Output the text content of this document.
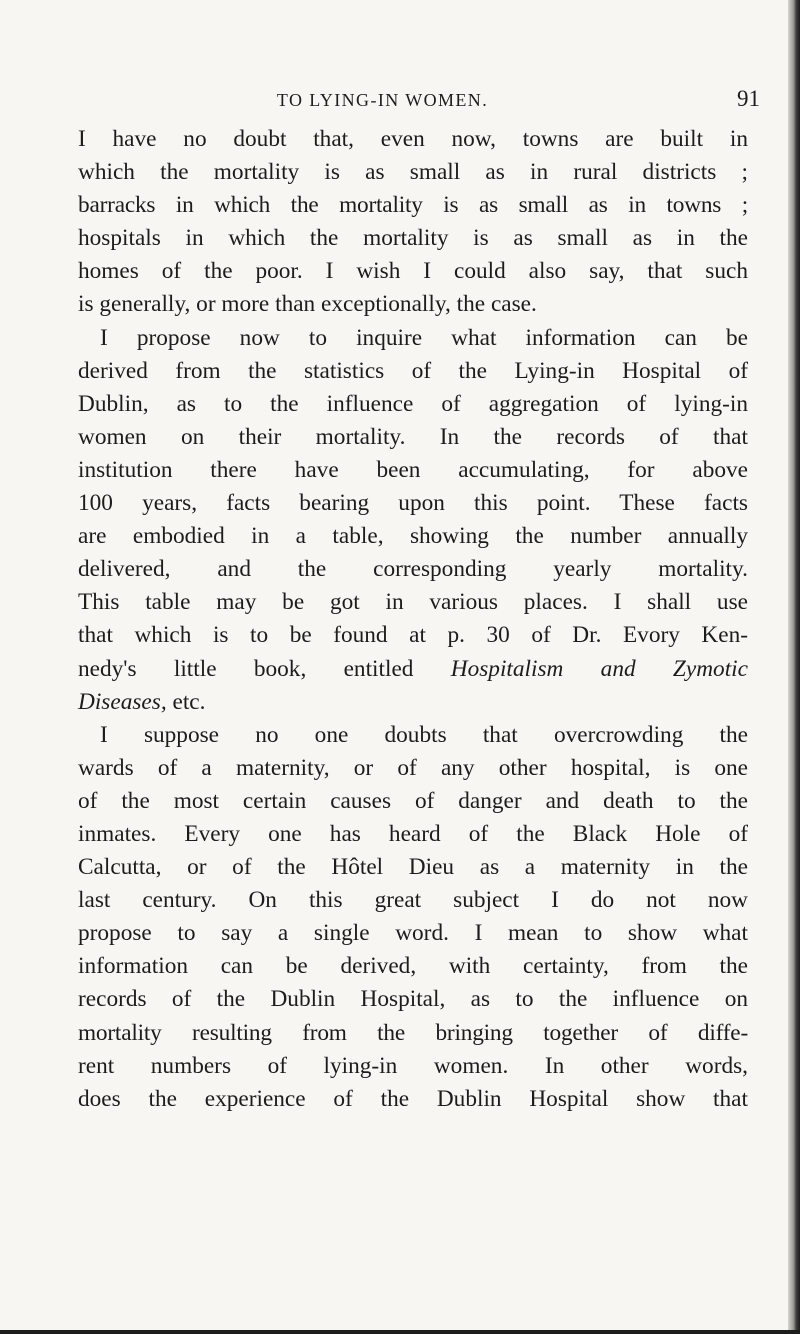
TO LYING-IN WOMEN.	91
I have no doubt that, even now, towns are built in
which the mortality is as small as in rural districts ;
barracks in which the mortality is as small as in towns ;
hospitals in which the mortality is as small as in the
homes of the poor. I wish I could also say, that such
is generally, or more than exceptionally, the case.
I propose now to inquire what information can be
derived from the statistics of the Lying-in Hospital of
Dublin, as to the influence of aggregation of lying-in
women on their mortality. In the records of that
institution there have been accumulating, for above
100 years, facts bearing upon this point. These facts
are embodied in a table, showing the number annually
delivered, and the corresponding yearly mortality.
This table may be got in various places. I shall use
that which is to be found at p. 30 of Dr. Evory Ken-
nedy's little book, entitled Hospitalism and Zymotic
Diseases, etc.
I suppose no one doubts that overcrowding the
wards of a maternity, or of any other hospital, is one
of the most certain causes of danger and death to the
inmates. Every one has heard of the Black Hole of
Calcutta, or of the Hôtel Dieu as a maternity in the
last century. On this great subject I do not now
propose to say a single word. I mean to show what
information can be derived, with certainty, from the
records of the Dublin Hospital, as to the influence on
mortality resulting from the bringing together of diffe-
rent numbers of lying-in women. In other words,
does the experience of the Dublin Hospital show that
